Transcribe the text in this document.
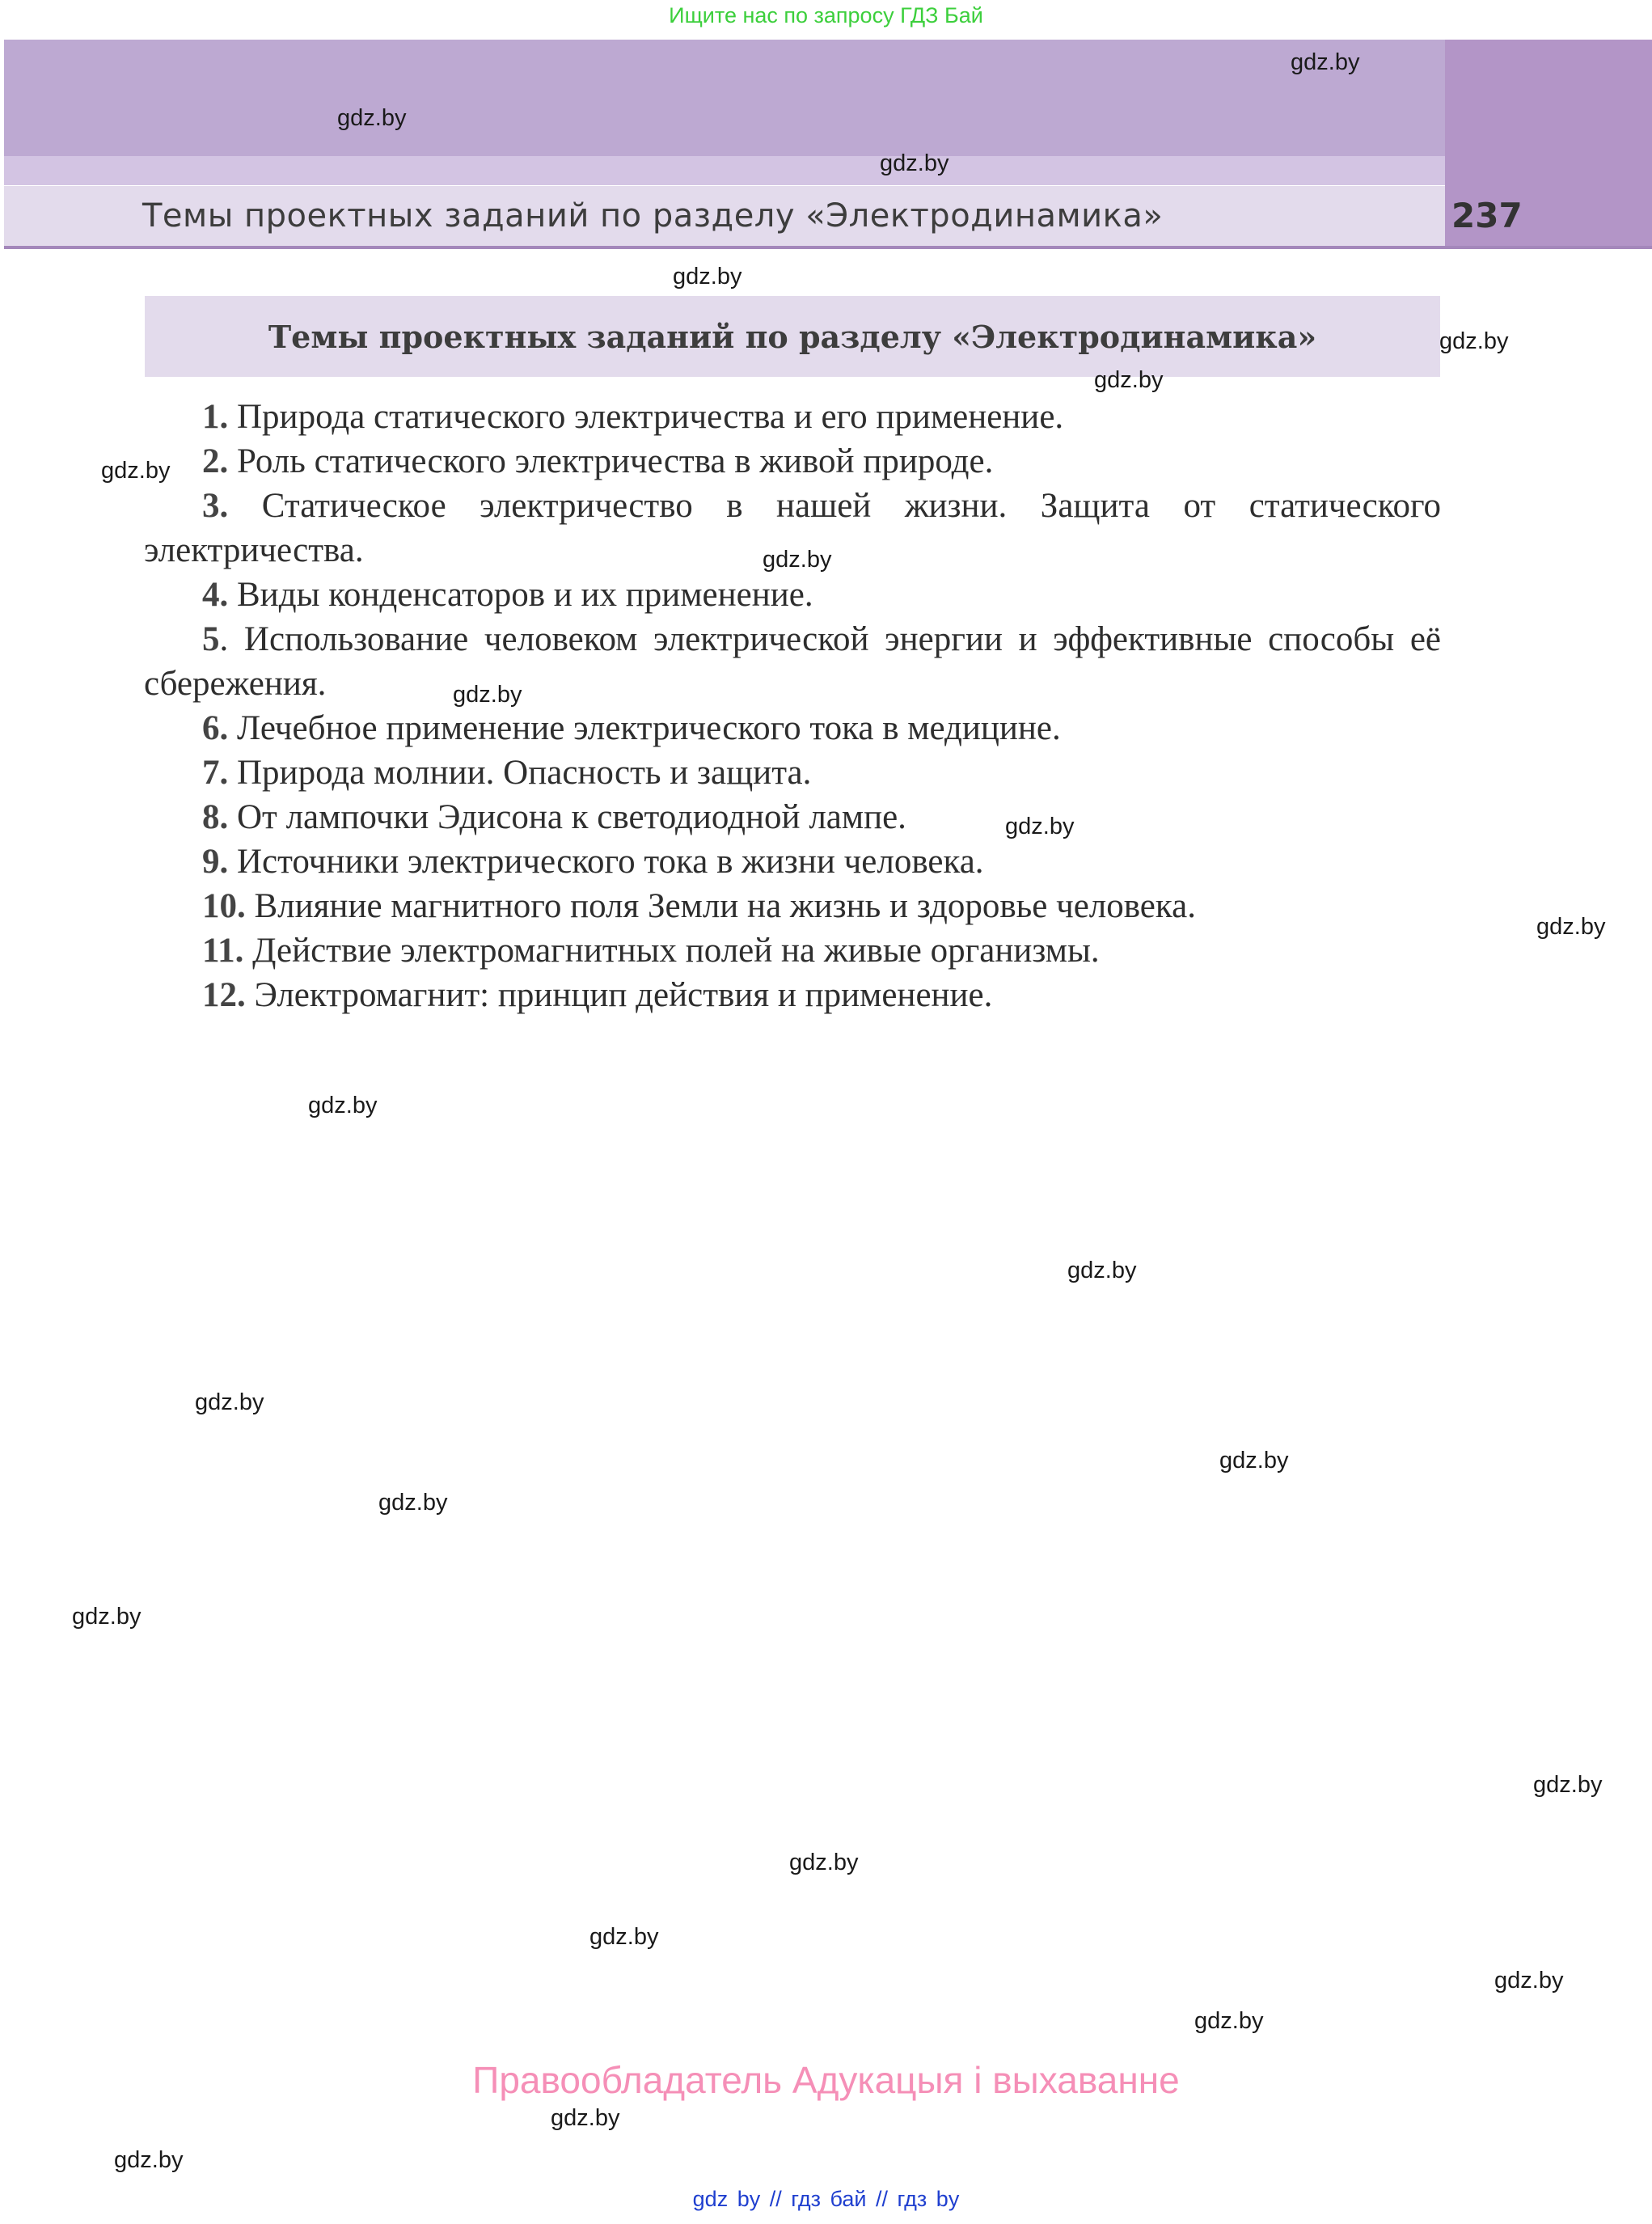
Ищите нас по запросу ГДЗ Бай
Темы проектных заданий по разделу «Электродинамика»	237
Темы проектных заданий по разделу «Электродинамика»
1. Природа статического электричества и его применение.
2. Роль статического электричества в живой природе.
3. Статическое электричество в нашей жизни. Защита от статического электричества.
4. Виды конденсаторов и их применение.
5. Использование человеком электрической энергии и эффективные способы её сбережения.
6. Лечебное применение электрического тока в медицине.
7. Природа молнии. Опасность и защита.
8. От лампочки Эдисона к светодиодной лампе.
9. Источники электрического тока в жизни человека.
10. Влияние магнитного поля Земли на жизнь и здоровье человека.
11. Действие электромагнитных полей на живые организмы.
12. Электромагнит: принцип действия и применение.
gdz.by
gdz.by
gdz.by
gdz.by
gdz.by
gdz.by
gdz.by
gdz.by
gdz.by
gdz.by
gdz.by
gdz.by
gdz.by
gdz.by
gdz.by
gdz.by
gdz.by
gdz.by
gdz.by
gdz.by
gdz.by
gdz.by
gdz.by
gdz.by
Правообладатель Адукацыя і выхаванне
gdz by // гдз бай // гдз by
